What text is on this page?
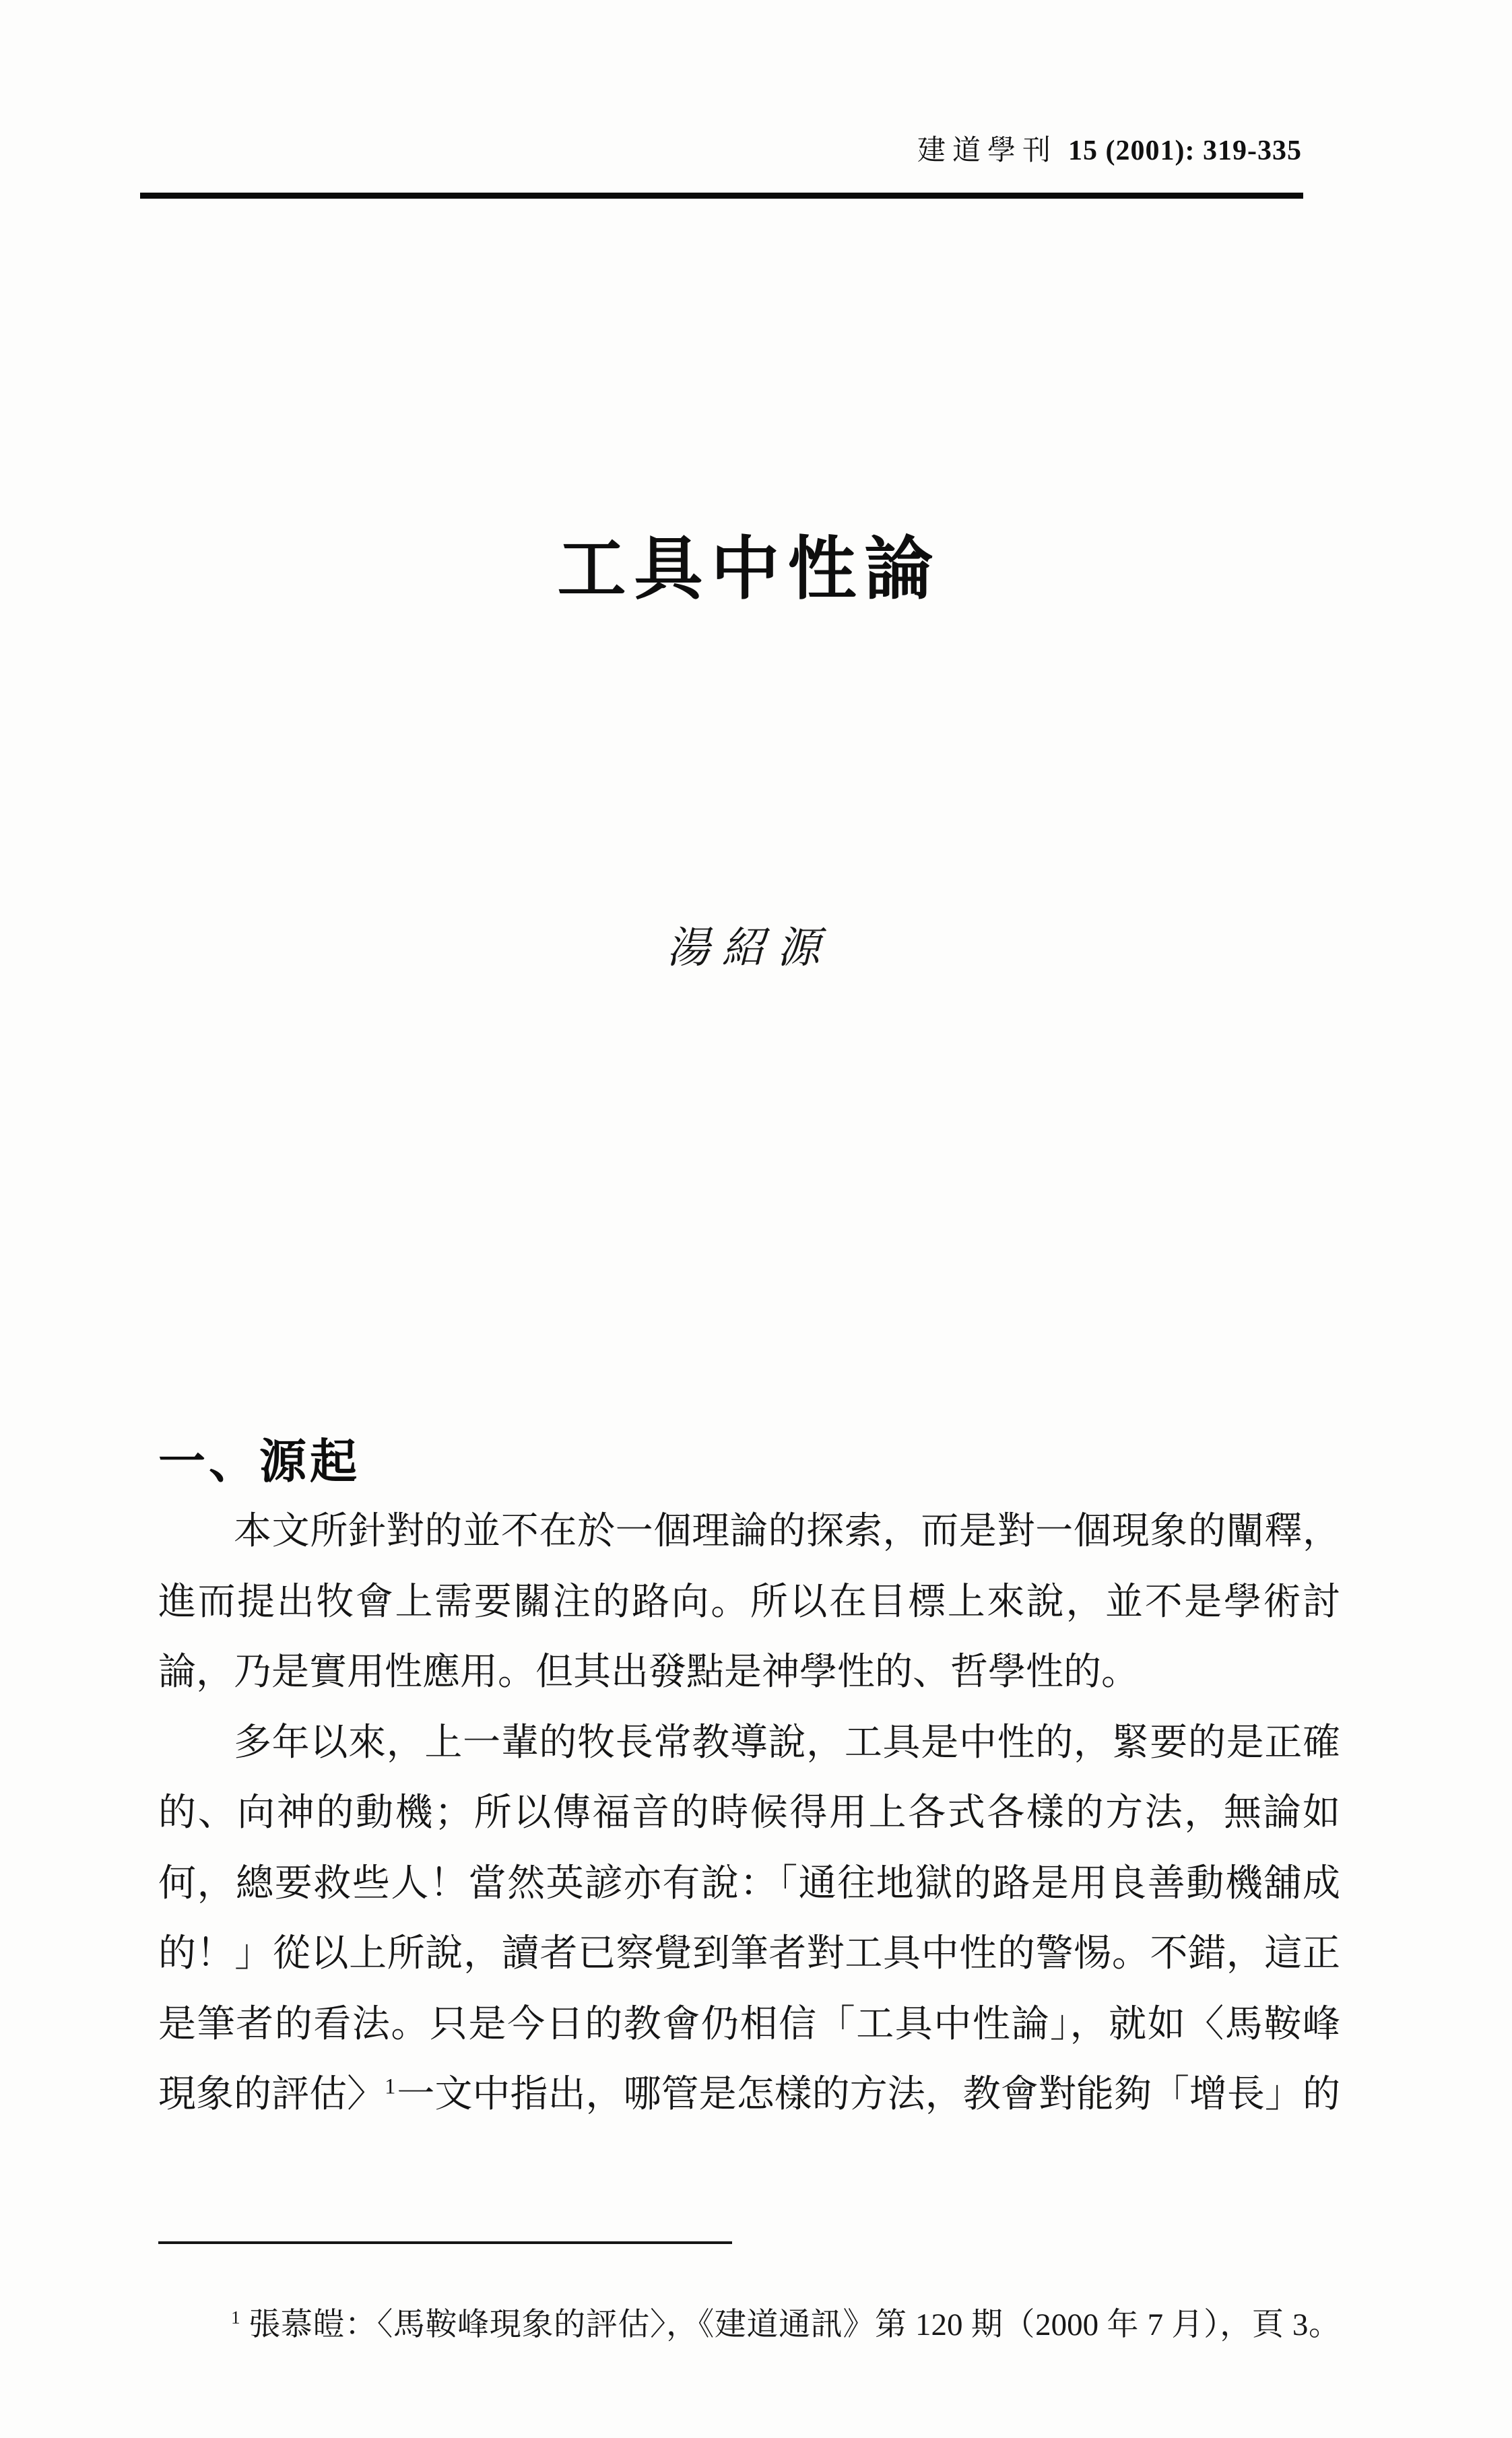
建道學刊 15 (2001): 319-335
工具中性論
湯紹源
一、源起
本文所針對的並不在於一個理論的探索，而是對一個現象的闡釋，
進而提出牧會上需要關注的路向。所以在目標上來說，並不是學術討
論，乃是實用性應用。但其出發點是神學性的、哲學性的。
多年以來，上一輩的牧長常教導說，工具是中性的，緊要的是正確
的、向神的動機；所以傳福音的時候得用上各式各樣的方法，無論如
何，總要救些人！當然英諺亦有說：「通往地獄的路是用良善動機舖成
的！」從以上所說，讀者已察覺到筆者對工具中性的警惕。不錯，這正
是筆者的看法。只是今日的教會仍相信「工具中性論」，就如〈馬鞍峰
現象的評估〉$^1$一文中指出，哪管是怎樣的方法，教會對能夠「增長」的
$^1$ 張慕皚：〈馬鞍峰現象的評估〉，《建道通訊》第 120 期（2000 年 7 月），頁 3。
